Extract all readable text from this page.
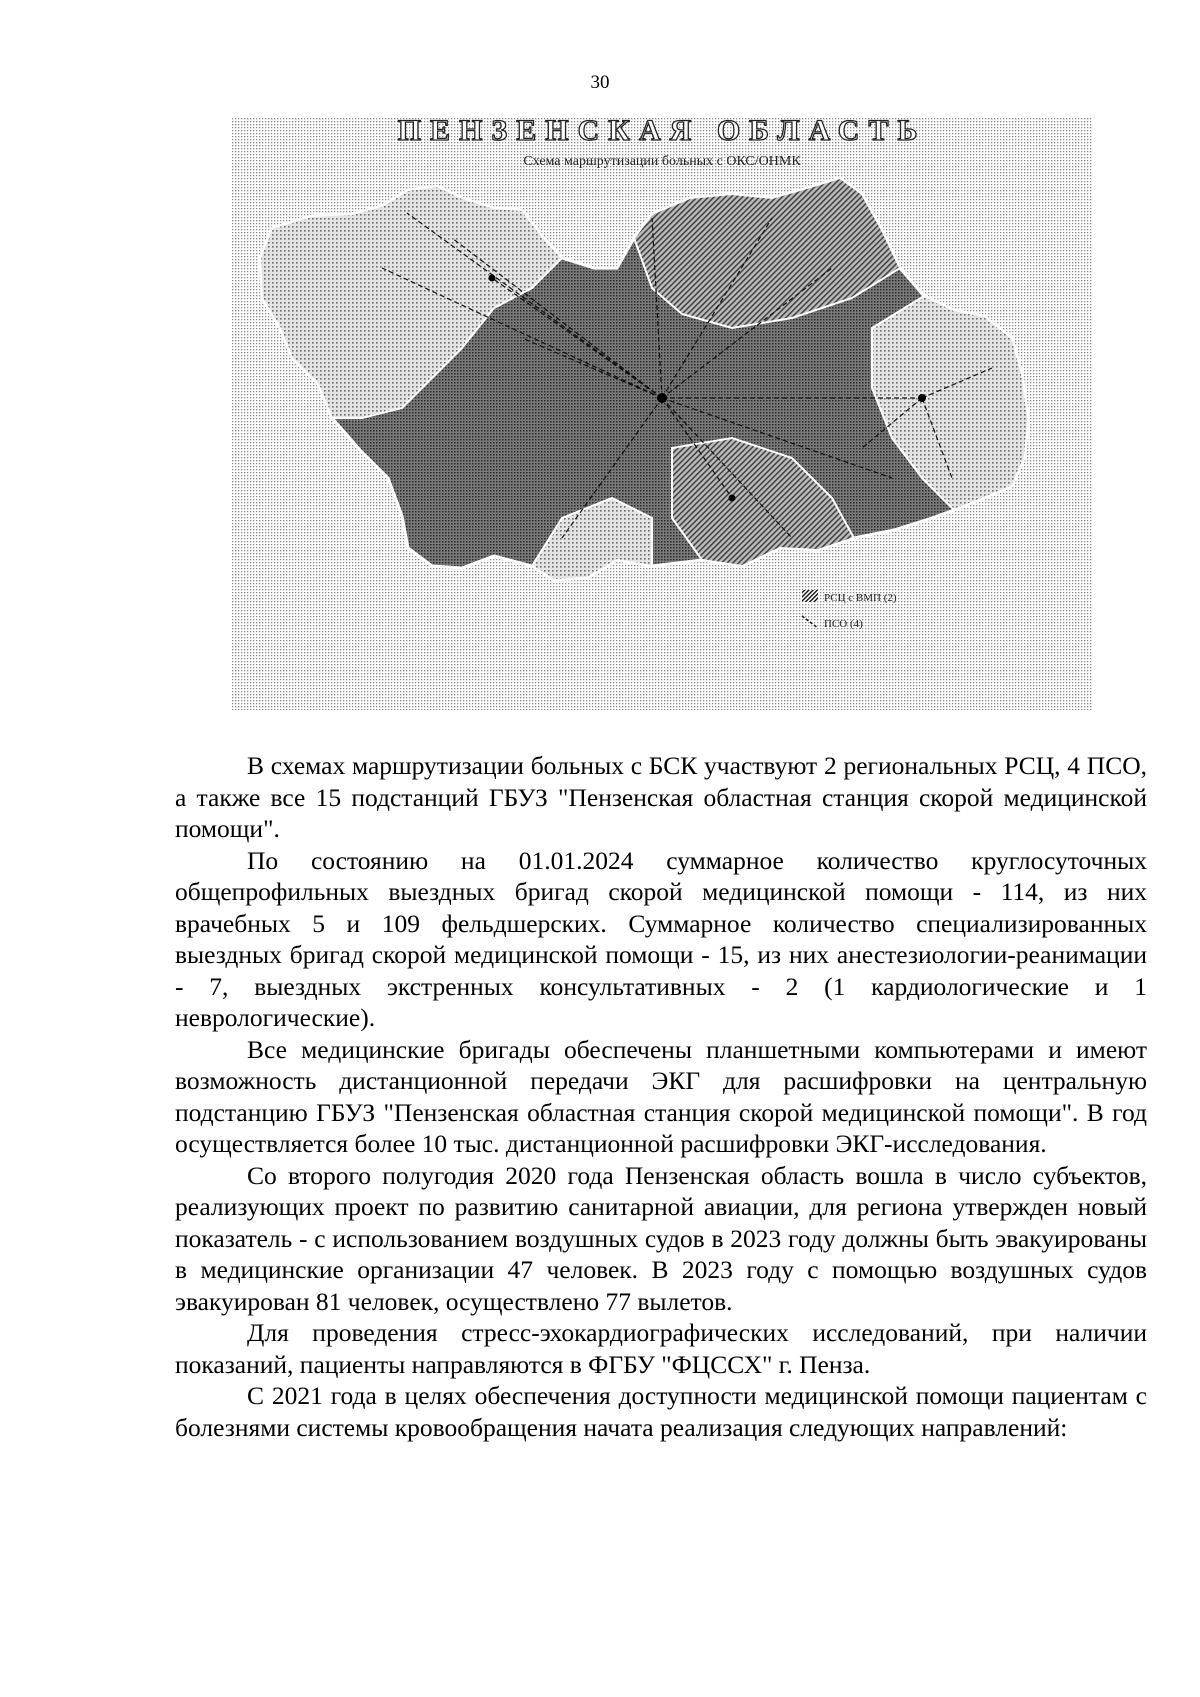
30
ПЕНЗЕНСКАЯ ОБЛАСТЬ
Схема маршрутизации больных с ОКС/ОНМК
РСЦ с ВМП (2)
ПСО (4)

В схемах маршрутизации больных с БСК участвуют 2 региональных РСЦ, 4 ПСО, а также все 15 подстанций ГБУЗ "Пензенская областная станция скорой медицинской помощи".

По состоянию на 01.01.2024 суммарное количество круглосуточных общепрофильных выездных бригад скорой медицинской помощи - 114, из них врачебных 5 и 109 фельдшерских. Суммарное количество специализированных выездных бригад скорой медицинской помощи - 15, из них анестезиологии-реанимации - 7, выездных экстренных консультативных - 2 (1 кардиологические и 1 неврологические).

Все медицинские бригады обеспечены планшетными компьютерами и имеют возможность дистанционной передачи ЭКГ для расшифровки на центральную подстанцию ГБУЗ "Пензенская областная станция скорой медицинской помощи". В год осуществляется более 10 тыс. дистанционной расшифровки ЭКГ-исследования.

Со второго полугодия 2020 года Пензенская область вошла в число субъектов, реализующих проект по развитию санитарной авиации, для региона утвержден новый показатель - с использованием воздушных судов в 2023 году должны быть эвакуированы в медицинские организации 47 человек. В 2023 году с помощью воздушных судов эвакуирован 81 человек, осуществлено 77 вылетов.

Для проведения стресс-эхокардиографических исследований, при наличии показаний, пациенты направляются в ФГБУ "ФЦССХ" г. Пенза.

С 2021 года в целях обеспечения доступности медицинской помощи пациентам с болезнями системы кровообращения начата реализация следующих направлений:
